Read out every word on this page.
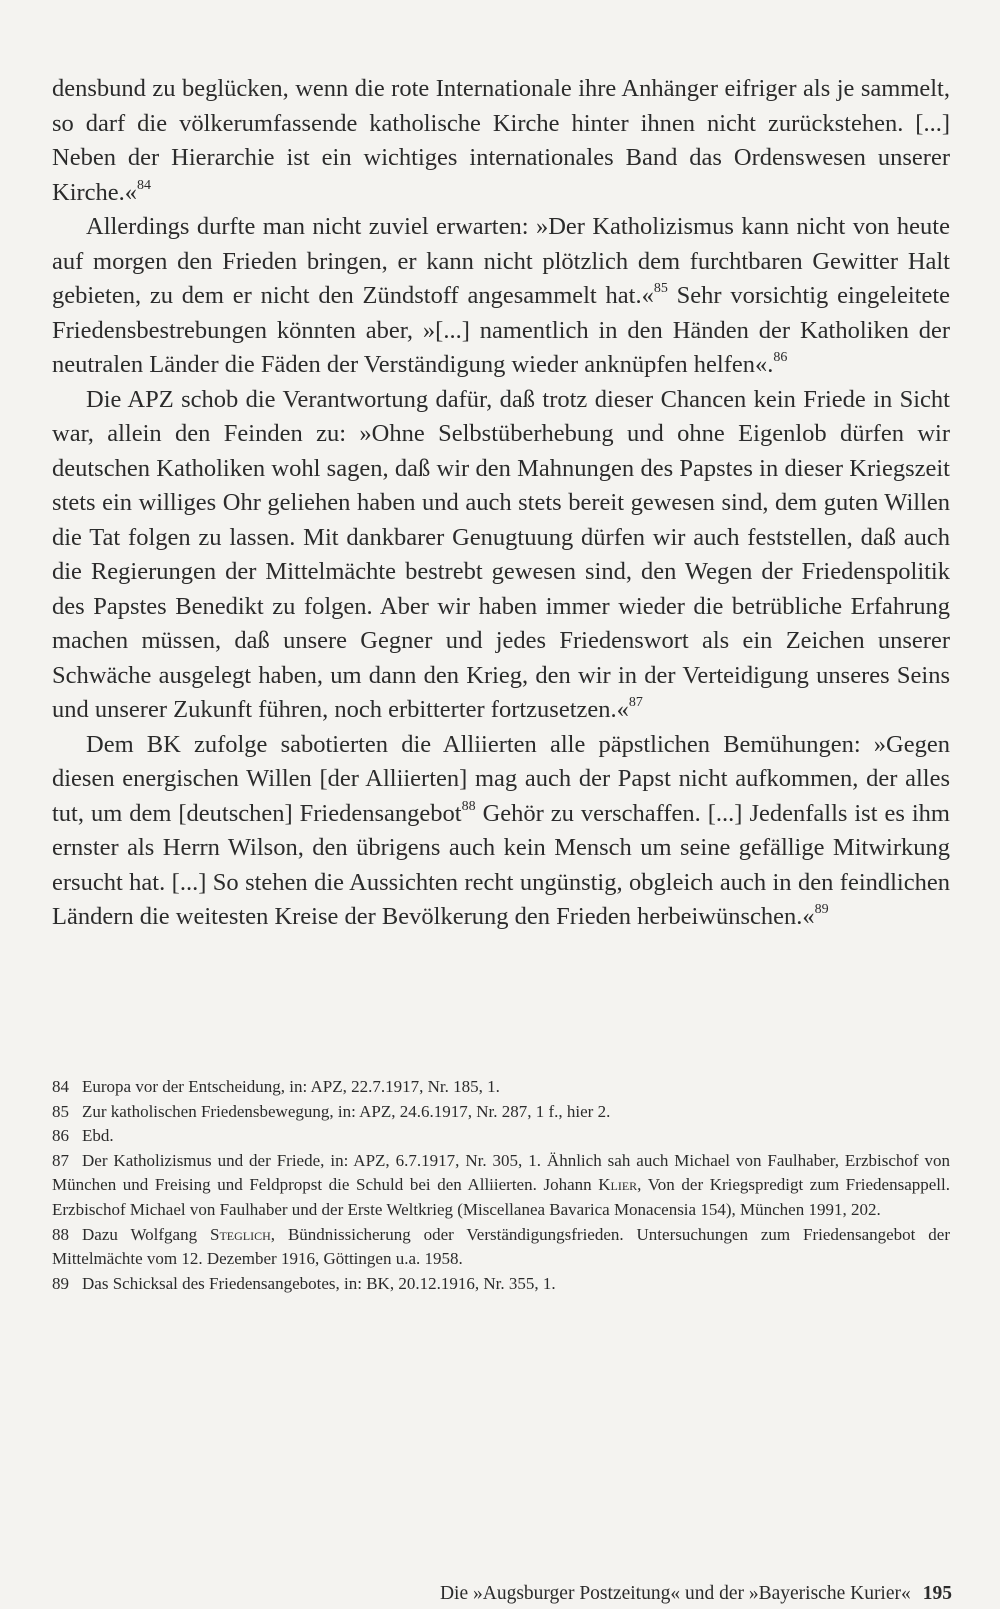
densbund zu beglücken, wenn die rote Internationale ihre Anhänger eifriger als je sammelt, so darf die völkerumfassende katholische Kirche hinter ihnen nicht zurückstehen. [...] Neben der Hierarchie ist ein wichtiges internationales Band das Ordenswesen unserer Kirche.«$^{84}$

Allerdings durfte man nicht zuviel erwarten: »Der Katholizismus kann nicht von heute auf morgen den Frieden bringen, er kann nicht plötzlich dem furchtbaren Gewitter Halt gebieten, zu dem er nicht den Zündstoff angesammelt hat.«$^{85}$ Sehr vorsichtig eingeleitete Friedensbestrebungen könnten aber, »[...] namentlich in den Händen der Katholiken der neutralen Länder die Fäden der Verständigung wieder anknüpfen helfen«.$^{86}$

Die APZ schob die Verantwortung dafür, daß trotz dieser Chancen kein Friede in Sicht war, allein den Feinden zu: »Ohne Selbstüberhebung und ohne Eigenlob dürfen wir deutschen Katholiken wohl sagen, daß wir den Mahnungen des Papstes in dieser Kriegszeit stets ein williges Ohr geliehen haben und auch stets bereit gewesen sind, dem guten Willen die Tat folgen zu lassen. Mit dankbarer Genugtuung dürfen wir auch feststellen, daß auch die Regierungen der Mittelmächte bestrebt gewesen sind, den Wegen der Friedenspolitik des Papstes Benedikt zu folgen. Aber wir haben immer wieder die betrübliche Erfahrung machen müssen, daß unsere Gegner und jedes Friedenswort als ein Zeichen unserer Schwäche ausgelegt haben, um dann den Krieg, den wir in der Verteidigung unseres Seins und unserer Zukunft führen, noch erbitterter fortzusetzen.«$^{87}$

Dem BK zufolge sabotierten die Alliierten alle päpstlichen Bemühungen: »Gegen diesen energischen Willen [der Alliierten] mag auch der Papst nicht aufkommen, der alles tut, um dem [deutschen] Friedensangebot$^{88}$ Gehör zu verschaffen. [...] Jedenfalls ist es ihm ernster als Herrn Wilson, den übrigens auch kein Mensch um seine gefällige Mitwirkung ersucht hat. [...] So stehen die Aussichten recht ungünstig, obgleich auch in den feindlichen Ländern die weitesten Kreise der Bevölkerung den Frieden herbeiwünschen.«$^{89}$

84 Europa vor der Entscheidung, in: APZ, 22.7.1917, Nr. 185, 1.
85 Zur katholischen Friedensbewegung, in: APZ, 24.6.1917, Nr. 287, 1 f., hier 2.
86 Ebd.
87 Der Katholizismus und der Friede, in: APZ, 6.7.1917, Nr. 305, 1. Ähnlich sah auch Michael von Faulhaber, Erzbischof von München und Freising und Feldpropst die Schuld bei den Alliierten. Johann Klier, Von der Kriegspredigt zum Friedensappell. Erzbischof Michael von Faulhaber und der Erste Weltkrieg (Miscellanea Bavarica Monacensia 154), München 1991, 202.
88 Dazu Wolfgang Steglich, Bündnissicherung oder Verständigungsfrieden. Untersuchungen zum Friedensangebot der Mittelmächte vom 12. Dezember 1916, Göttingen u.a. 1958.
89 Das Schicksal des Friedensangebotes, in: BK, 20.12.1916, Nr. 355, 1.
Die »Augsburger Postzeitung« und der »Bayerische Kurier« 195
